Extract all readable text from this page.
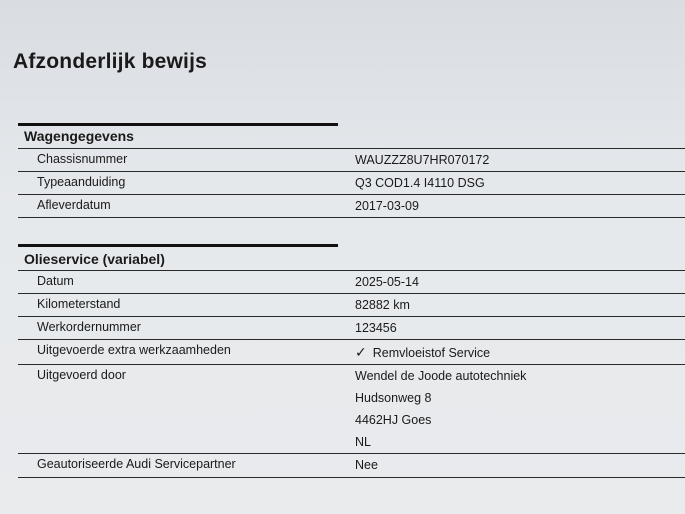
Afzonderlijk bewijs
Wagengegevens
Chassisnummer	WAUZZZ8U7HR070172
Typeaanduiding	Q3 COD1.4 I4110 DSG
Afleverdatum	2017-03-09
Olieservice (variabel)
Datum	2025-05-14
Kilometerstand	82882 km
Werkordernummer	123456
Uitgevoerde extra werkzaamheden	✓ Remvloeistof Service
Uitgevoerd door	Wendel de Joode autotechniek
Hudsonweg 8
4462HJ Goes
NL
Geautoriseerde Audi Servicepartner	Nee
